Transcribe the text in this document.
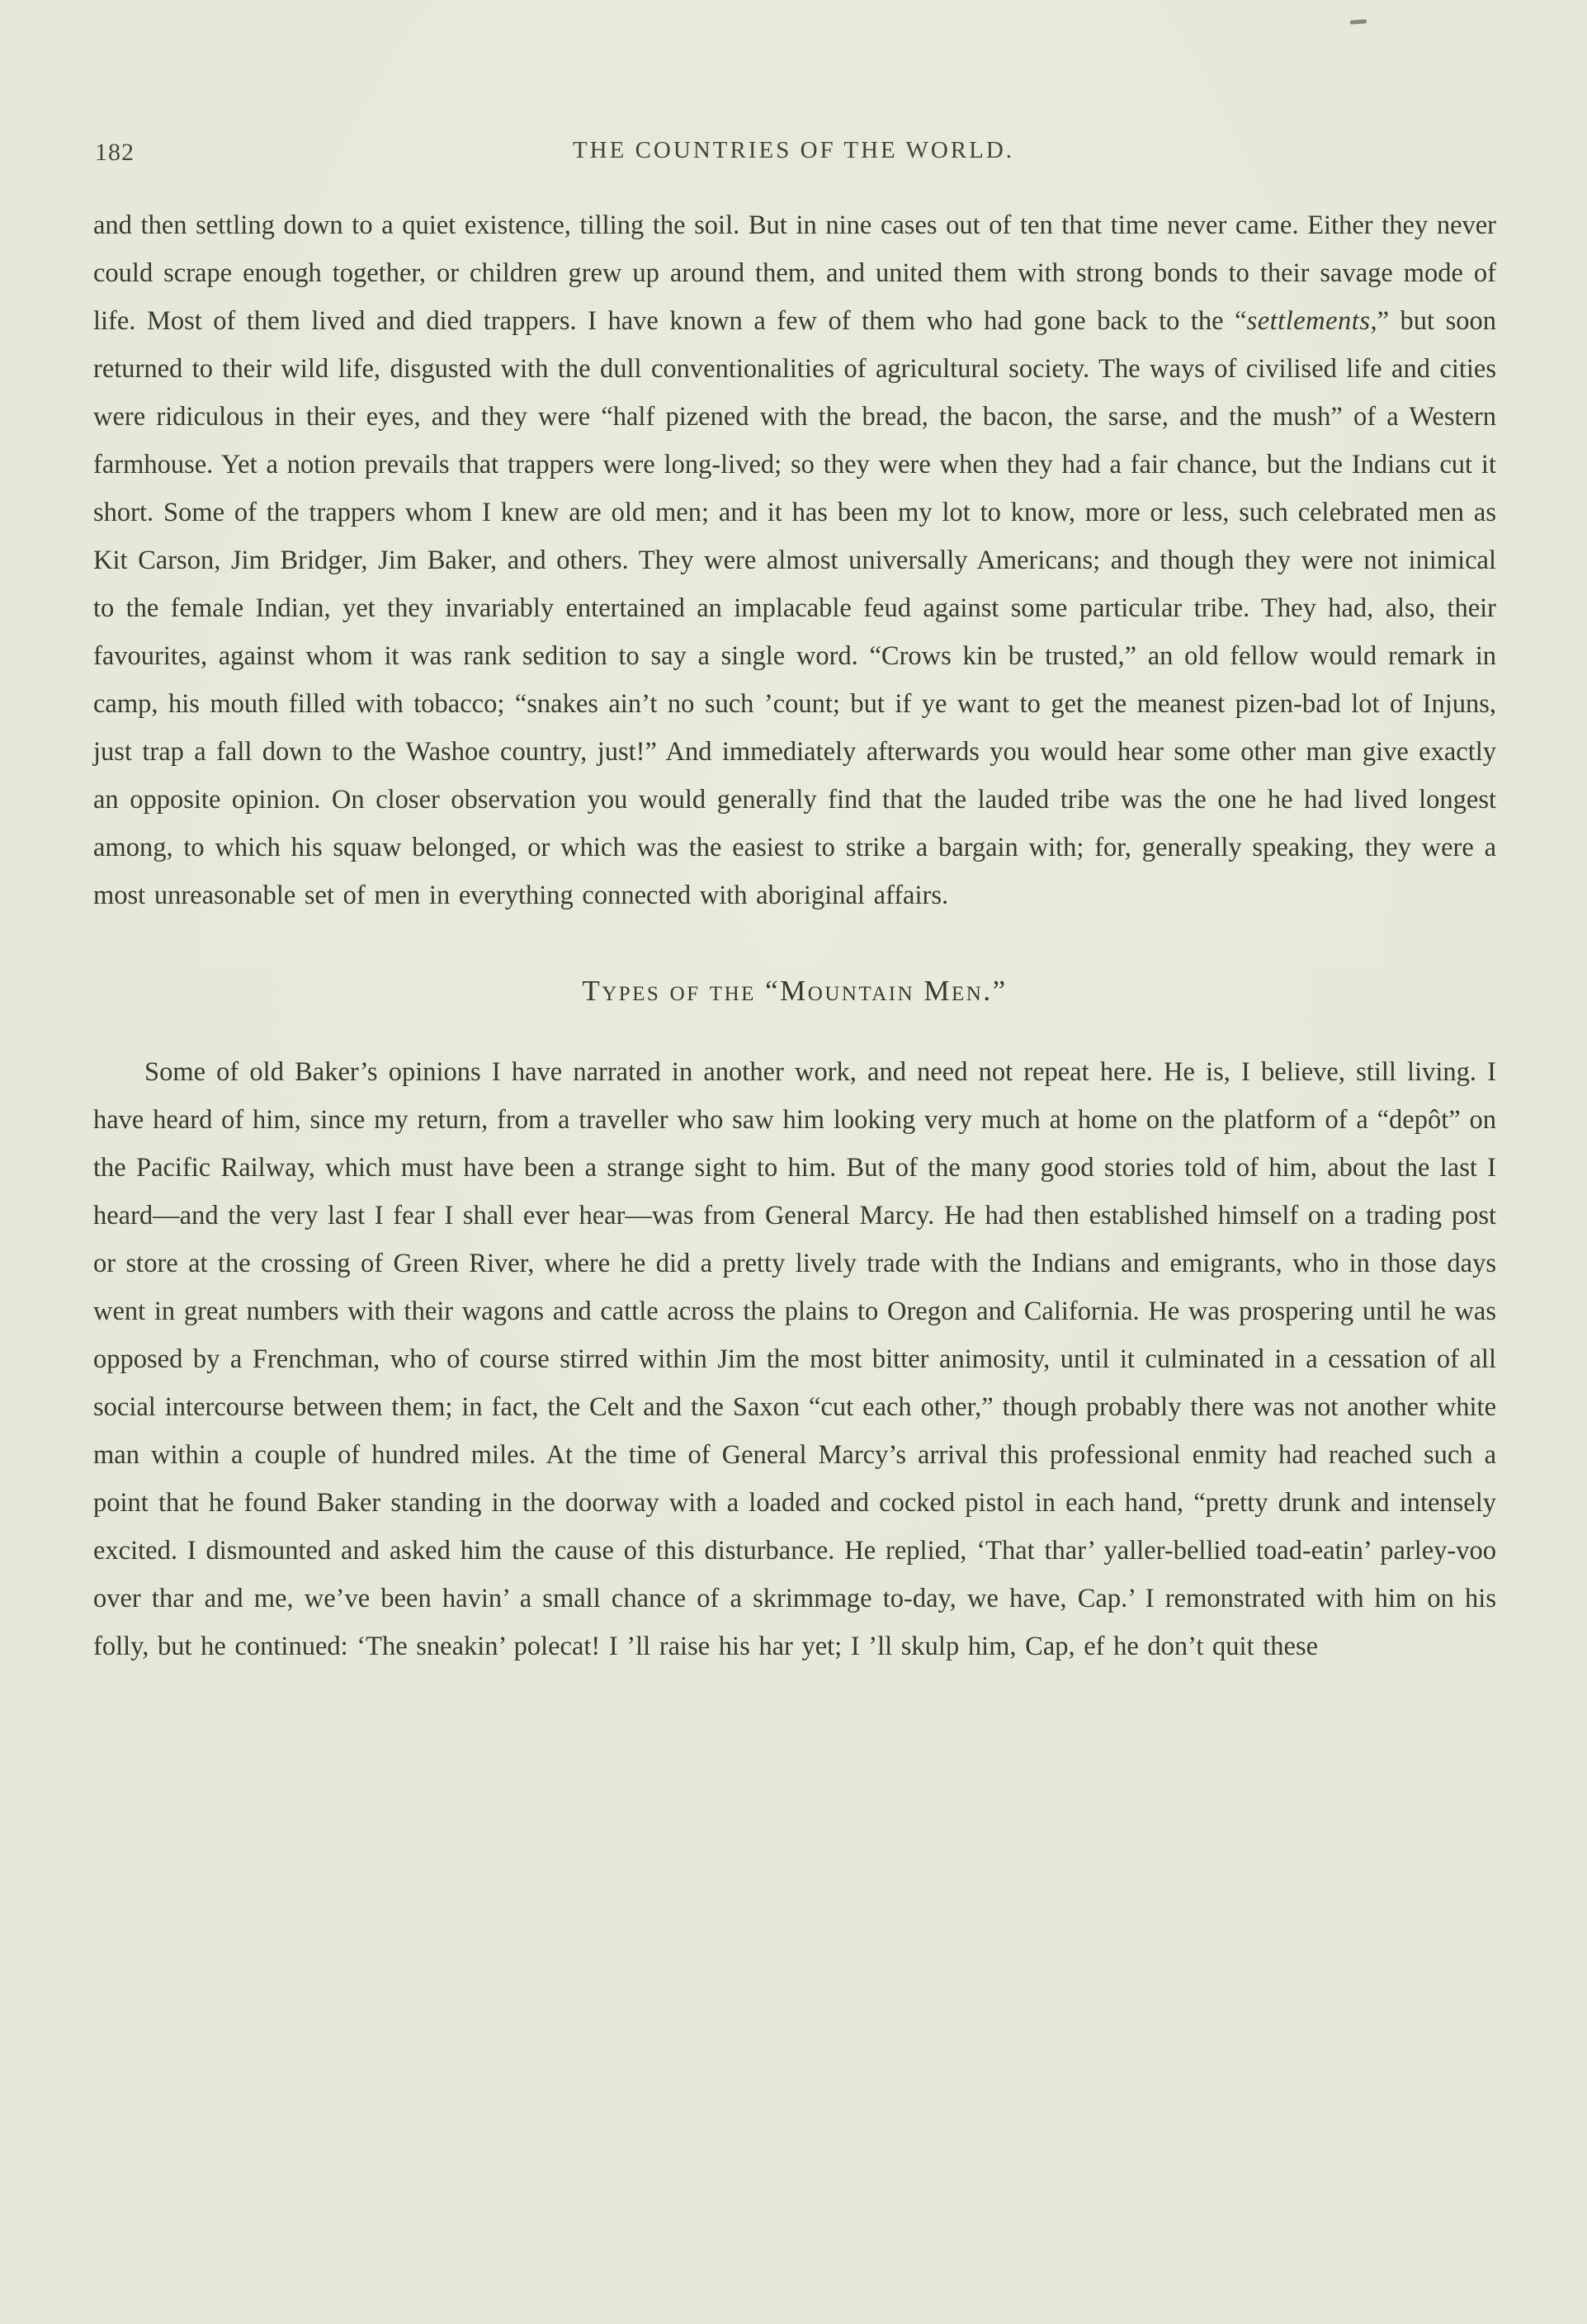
182	THE COUNTRIES OF THE WORLD.

and then settling down to a quiet existence, tilling the soil. But in nine cases out of ten that time never came. Either they never could scrape enough together, or children grew up around them, and united them with strong bonds to their savage mode of life. Most of them lived and died trappers. I have known a few of them who had gone back to the “settlements,” but soon returned to their wild life, disgusted with the dull conventionalities of agricultural society. The ways of civilised life and cities were ridiculous in their eyes, and they were “half pizened with the bread, the bacon, the sarse, and the mush” of a Western farmhouse. Yet a notion prevails that trappers were long-lived; so they were when they had a fair chance, but the Indians cut it short. Some of the trappers whom I knew are old men; and it has been my lot to know, more or less, such celebrated men as Kit Carson, Jim Bridger, Jim Baker, and others. They were almost universally Americans; and though they were not inimical to the female Indian, yet they invariably entertained an implacable feud against some particular tribe. They had, also, their favourites, against whom it was rank sedition to say a single word. “Crows kin be trusted,” an old fellow would remark in camp, his mouth filled with tobacco; “snakes ain’t no such ’count; but if ye want to get the meanest pizen-bad lot of Injuns, just trap a fall down to the Washoe country, just!” And immediately afterwards you would hear some other man give exactly an opposite opinion. On closer observation you would generally find that the lauded tribe was the one he had lived longest among, to which his squaw belonged, or which was the easiest to strike a bargain with; for, generally speaking, they were a most unreasonable set of men in everything connected with aboriginal affairs.

Types of the “Mountain Men.”

Some of old Baker’s opinions I have narrated in another work, and need not repeat here. He is, I believe, still living. I have heard of him, since my return, from a traveller who saw him looking very much at home on the platform of a “depôt” on the Pacific Railway, which must have been a strange sight to him. But of the many good stories told of him, about the last I heard—and the very last I fear I shall ever hear—was from General Marcy. He had then established himself on a trading post or store at the crossing of Green River, where he did a pretty lively trade with the Indians and emigrants, who in those days went in great numbers with their wagons and cattle across the plains to Oregon and California. He was prospering until he was opposed by a Frenchman, who of course stirred within Jim the most bitter animosity, until it culminated in a cessation of all social intercourse between them; in fact, the Celt and the Saxon “cut each other,” though probably there was not another white man within a couple of hundred miles. At the time of General Marcy’s arrival this professional enmity had reached such a point that he found Baker standing in the doorway with a loaded and cocked pistol in each hand, “pretty drunk and intensely excited. I dismounted and asked him the cause of this disturbance. He replied, ‘That thar’ yaller-bellied toad-eatin’ parley-voo over thar and me, we’ve been havin’ a small chance of a skrimmage to-day, we have, Cap.’ I remonstrated with him on his folly, but he continued: ‘The sneakin’ polecat! I ’ll raise his har yet; I ’ll skulp him, Cap, ef he don’t quit these
